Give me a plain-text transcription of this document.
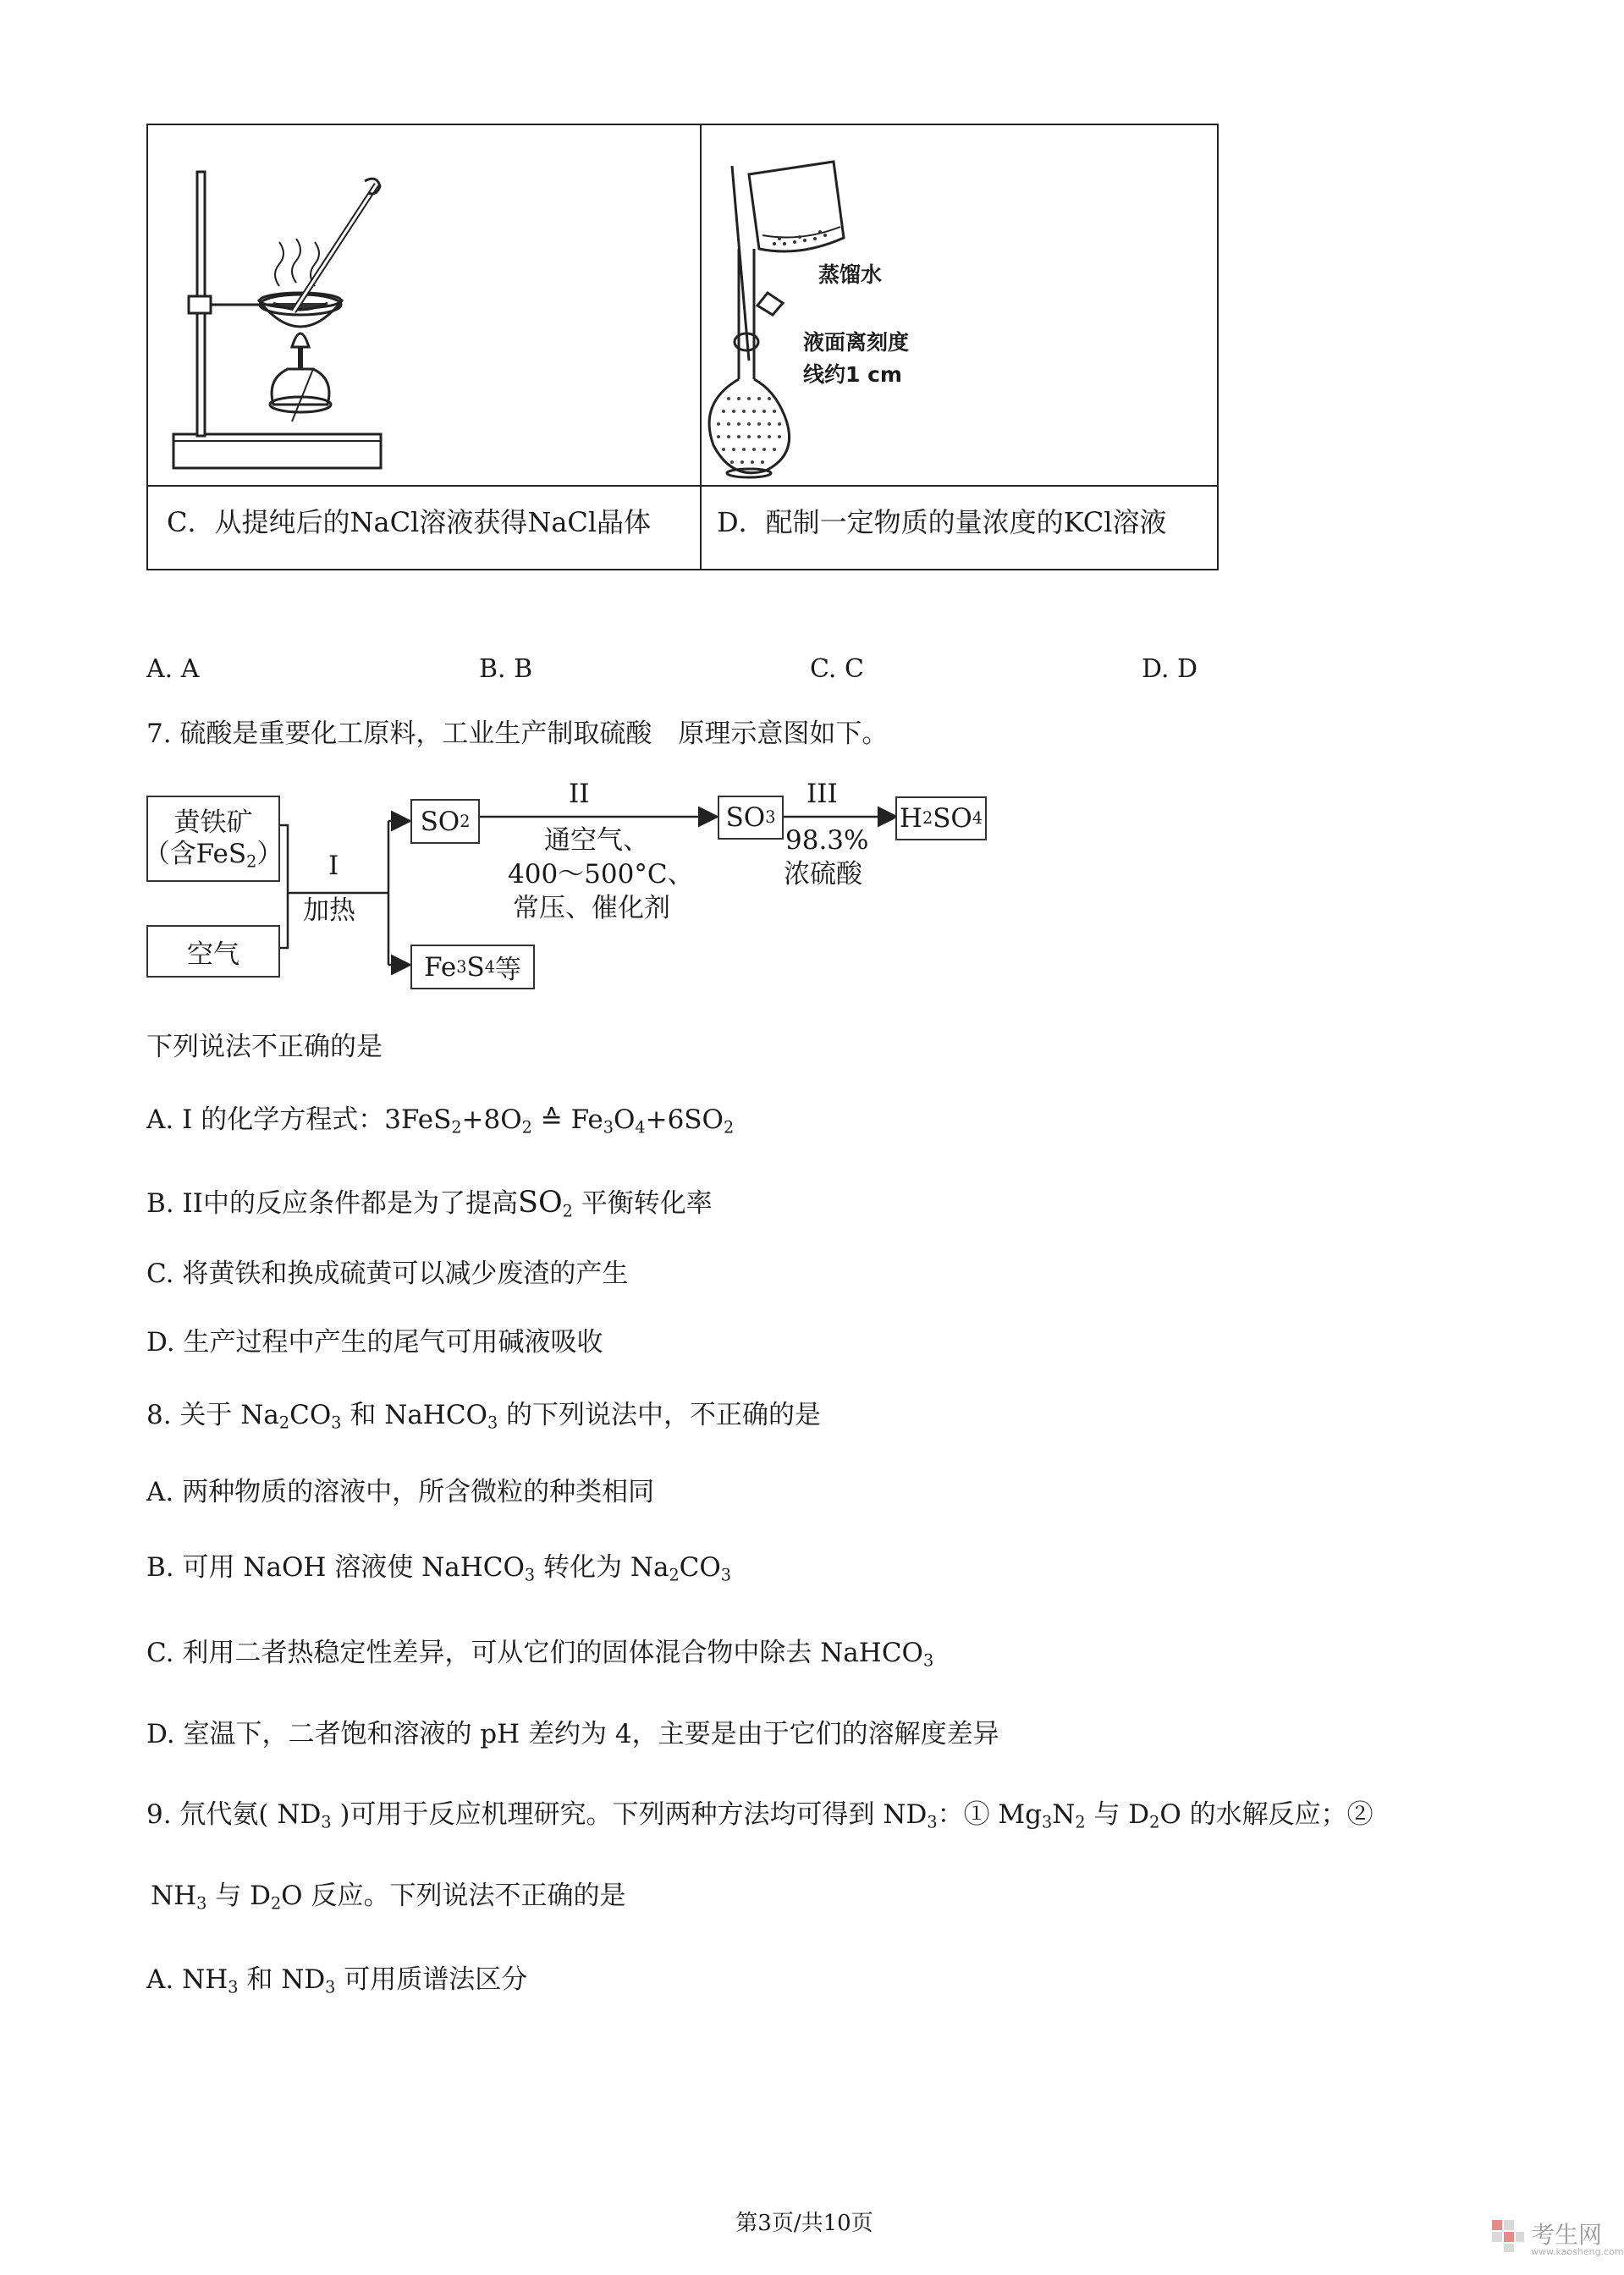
蒸馏水
液面离刻度
线约1 cm
C．从提纯后的NaCl溶液获得NaCl晶体 D．配制一定物质的量浓度的KCl溶液
A. A	B. B	C. C	D. D
7. 硫酸是重要化工原料，工业生产制取硫酸　原理示意图如下。
黄铁矿
（含FeS$_2$）
空气
SO 2
Fe 3 S 4 等
SO 3	H 2 SO 4
I
加热
II
通空气、
400～500°C、
常压、催化剂
III
98.3%
浓硫酸
下列说法不正确的是
A. I 的化学方程式：$3FeS_2+8O_2$ ≙ $Fe_3O_4+6SO_2$
B. II中的反应条件都是为了提高$SO_2$ 平衡转化率
C. 将黄铁和换成硫黄可以减少废渣的产生
D. 生产过程中产生的尾气可用碱液吸收
8. 关于 $Na_2CO_3$ 和 NaHCO$_3$ 的下列说法中，不正确的是
A. 两种物质的溶液中，所含微粒的种类相同
B. 可用 NaOH 溶液使 NaHCO$_3$ 转化为 $Na_2CO_3$
C. 利用二者热稳定性差异，可从它们的固体混合物中除去 NaHCO$_3$
D. 室温下，二者饱和溶液的 pH 差约为 4，主要是由于它们的溶解度差异
9. 氘代氨( $ND_3$ )可用于反应机理研究。下列两种方法均可得到 $ND_3$：① $Mg_3N_2$ 与 $D_2O$ 的水解反应；②
$NH_3$ 与 $D_2O$ 反应。下列说法不正确的是
A. $NH_3$ 和 $ND_3$ 可用质谱法区分
第3页/共10页	考生网
www.kaosheng.com
